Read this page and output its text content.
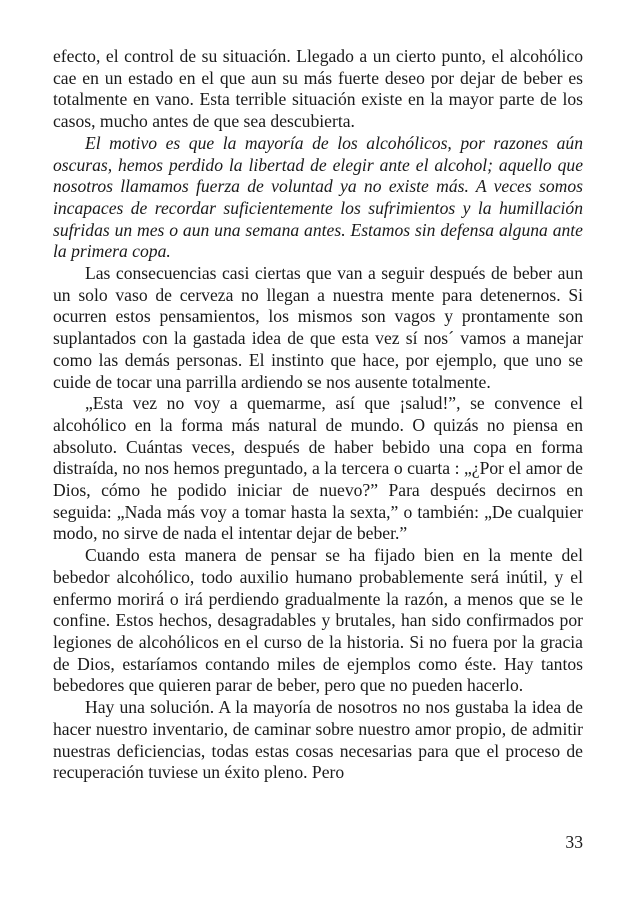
efecto, el control de su situación. Llegado a un cierto punto, el alcohólico cae en un estado en el que aun su más fuerte deseo por dejar de beber es totalmente en vano. Esta terrible situación existe en la mayor parte de los casos, mucho antes de que sea descubierta.

El motivo es que la mayoría de los alcohólicos, por razones aún oscuras, hemos perdido la libertad de elegir ante el alcohol; aquello que nosotros llamamos fuerza de voluntad ya no existe más. A veces somos incapaces de recordar suficientemente los sufrimientos y la humillación sufridas un mes o aun una semana antes. Estamos sin defensa alguna ante la primera copa.

Las consecuencias casi ciertas que van a seguir después de beber aun un solo vaso de cerveza no llegan a nuestra mente para detenernos. Si ocurren estos pensamientos, los mismos son vagos y prontamente son suplantados con la gastada idea de que esta vez sí nos´ vamos a manejar como las demás personas. El instinto que hace, por ejemplo, que uno se cuide de tocar una parrilla ardiendo se nos ausente totalmente.

„Esta vez no voy a quemarme, así que ¡salud!”, se convence el alcohólico en la forma más natural de mundo. O quizás no piensa en absoluto. Cuántas veces, después de haber bebido una copa en forma distraída, no nos hemos preguntado, a la tercera o cuarta : „¿Por el amor de Dios, cómo he podido iniciar de nuevo?” Para después decirnos en seguida: „Nada más voy a tomar hasta la sexta,” o también: „De cualquier modo, no sirve de nada el intentar dejar de beber.”

Cuando esta manera de pensar se ha fijado bien en la mente del bebedor alcohólico, todo auxilio humano probablemente será inútil, y el enfermo morirá o irá perdiendo gradualmente la razón, a menos que se le confine. Estos hechos, desagradables y brutales, han sido confirmados por legiones de alcohólicos en el curso de la historia. Si no fuera por la gracia de Dios, estaríamos contando miles de ejemplos como éste. Hay tantos bebedores que quieren parar de beber, pero que no pueden hacerlo.

Hay una solución. A la mayoría de nosotros no nos gustaba la idea de hacer nuestro inventario, de caminar sobre nuestro amor propio, de admitir nuestras deficiencias, todas estas cosas necesarias para que el proceso de recuperación tuviese un éxito pleno. Pero

33
